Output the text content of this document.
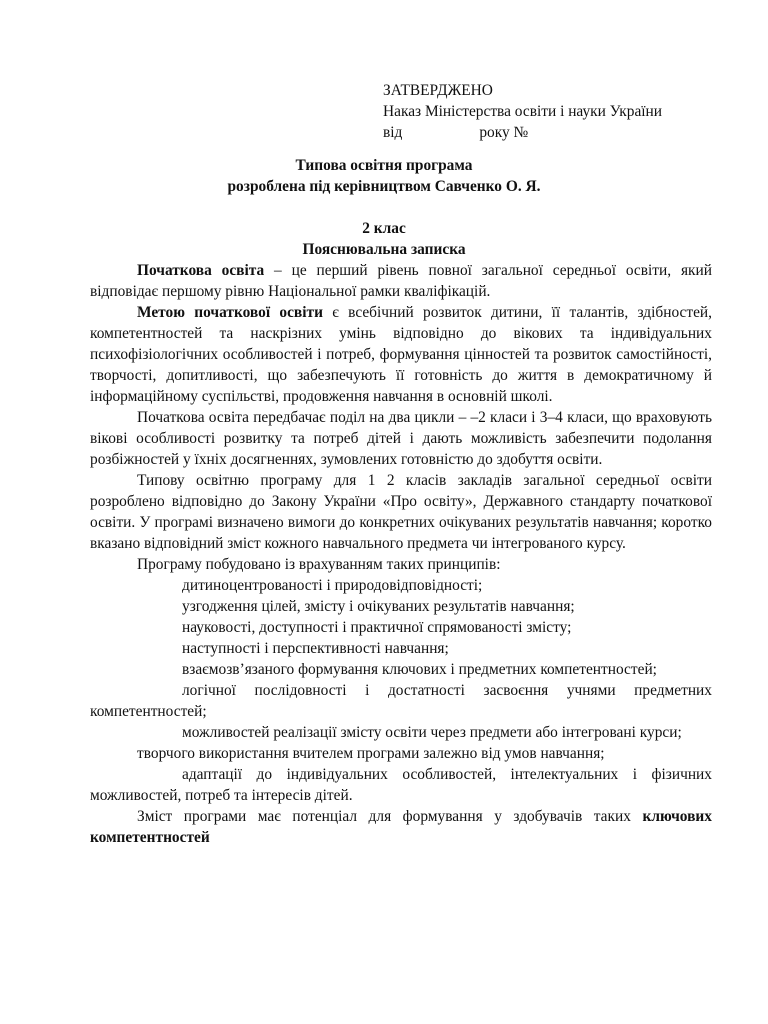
ЗАТВЕРДЖЕНО
Наказ Міністерства освіти і науки України
від                    року №
Типова освітня програма
розроблена під керівництвом Савченко О. Я.
2 клас
Пояснювальна записка

Початкова освіта – це перший рівень повної загальної середньої освіти, який відповідає першому рівню Національної рамки кваліфікацій.

Метою початкової освіти є всебічний розвиток дитини, її талантів, здібностей, компетентностей та наскрізних умінь відповідно до вікових та індивідуальних психофізіологічних особливостей і потреб, формування цінностей та розвиток самостійності, творчості, допитливості, що забезпечують її готовність до життя в демократичному й інформаційному суспільстві, продовження навчання в основній школі.

Початкова освіта передбачає поділ на два цикли – –2 класи і 3–4 класи, що враховують вікові особливості розвитку та потреб дітей і дають можливість забезпечити подолання розбіжностей у їхніх досягненнях, зумовлених готовністю до здобуття освіти.

Типову освітню програму для 1 2 класів закладів загальної середньої освіти розроблено відповідно до Закону України «Про освіту», Державного стандарту початкової освіти. У програмі визначено вимоги до конкретних очікуваних результатів навчання; коротко вказано відповідний зміст кожного навчального предмета чи інтегрованого курсу.

Програму побудовано із врахуванням таких принципів:

дитиноцентрованості і природовідповідності;

узгодження цілей, змісту і очікуваних результатів навчання;

науковості, доступності і практичної спрямованості змісту;

наступності і перспективності навчання;

взаємозв’язаного формування ключових і предметних компетентностей;

логічної послідовності і достатності засвоєння учнями предметних компетентностей;

можливостей реалізації змісту освіти через предмети або інтегровані курси;

творчого використання вчителем програми залежно від умов навчання;

адаптації до індивідуальних особливостей, інтелектуальних і фізичних можливостей, потреб та інтересів дітей.

Зміст програми має потенціал для формування у здобувачів таких ключових компетентностей
